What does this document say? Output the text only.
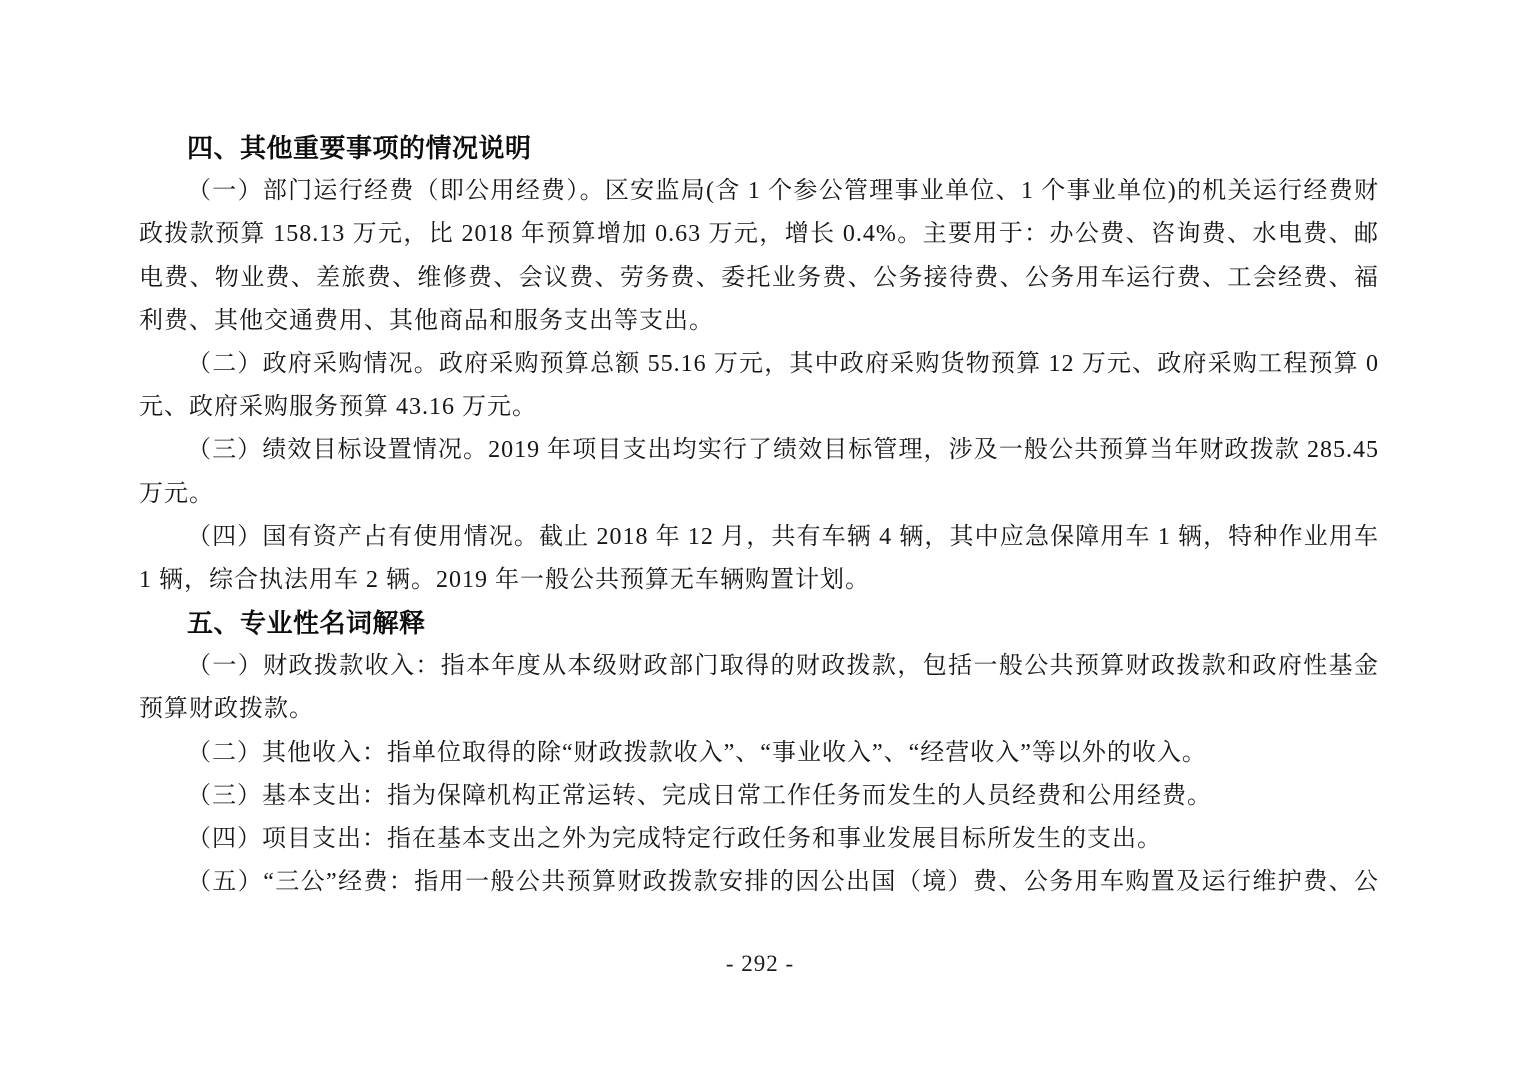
四、其他重要事项的情况说明
（一）部门运行经费（即公用经费）。区安监局(含 1 个参公管理事业单位、1 个事业单位)的机关运行经费财
政拨款预算 158.13 万元，比 2018 年预算增加 0.63 万元，增长 0.4%。主要用于：办公费、咨询费、水电费、邮
电费、物业费、差旅费、维修费、会议费、劳务费、委托业务费、公务接待费、公务用车运行费、工会经费、福
利费、其他交通费用、其他商品和服务支出等支出。
（二）政府采购情况。政府采购预算总额 55.16 万元，其中政府采购货物预算 12 万元、政府采购工程预算 0
元、政府采购服务预算 43.16 万元。
（三）绩效目标设置情况。2019 年项目支出均实行了绩效目标管理，涉及一般公共预算当年财政拨款 285.45
万元。
（四）国有资产占有使用情况。截止 2018 年 12 月，共有车辆 4 辆，其中应急保障用车 1 辆，特种作业用车
1 辆，综合执法用车 2 辆。2019 年一般公共预算无车辆购置计划。
五、专业性名词解释
（一）财政拨款收入：指本年度从本级财政部门取得的财政拨款，包括一般公共预算财政拨款和政府性基金
预算财政拨款。
（二）其他收入：指单位取得的除“财政拨款收入”、“事业收入”、“经营收入”等以外的收入。
（三）基本支出：指为保障机构正常运转、完成日常工作任务而发生的人员经费和公用经费。
（四）项目支出：指在基本支出之外为完成特定行政任务和事业发展目标所发生的支出。
（五）“三公”经费：指用一般公共预算财政拨款安排的因公出国（境）费、公务用车购置及运行维护费、公
- 292 -
